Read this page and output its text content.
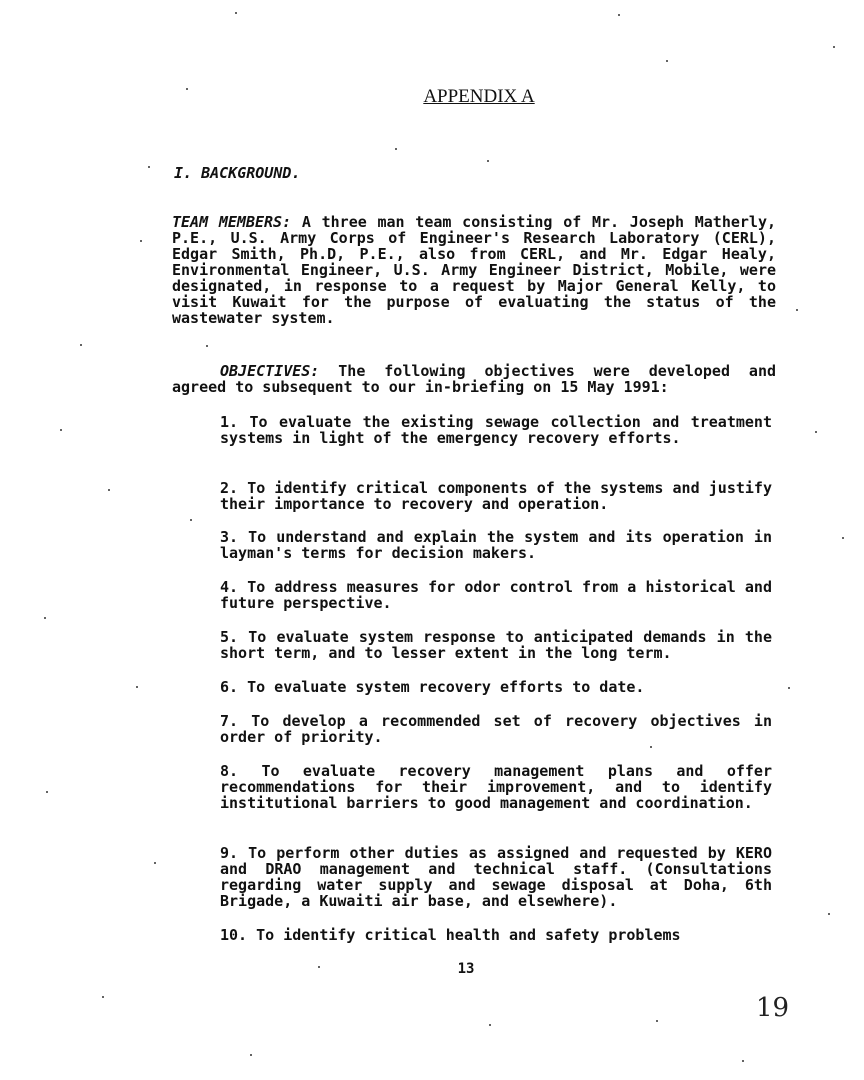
APPENDIX A
I. BACKGROUND.
TEAM MEMBERS: A three man team consisting of Mr. Joseph Matherly, P.E., U.S. Army Corps of Engineer's Research Laboratory (CERL), Edgar Smith, Ph.D, P.E., also from CERL, and Mr. Edgar Healy, Environmental Engineer, U.S. Army Engineer District, Mobile, were designated, in response to a request by Major General Kelly, to visit Kuwait for the purpose of evaluating the status of the wastewater system.
OBJECTIVES: The following objectives were developed and agreed to subsequent to our in-briefing on 15 May 1991:
1. To evaluate the existing sewage collection and treatment systems in light of the emergency recovery efforts.
2. To identify critical components of the systems and justify their importance to recovery and operation.
3. To understand and explain the system and its operation in layman's terms for decision makers.
4. To address measures for odor control from a historical and future perspective.
5. To evaluate system response to anticipated demands in the short term, and to lesser extent in the long term.
6. To evaluate system recovery efforts to date.
7. To develop a recommended set of recovery objectives in order of priority.
8. To evaluate recovery management plans and offer recommendations for their improvement, and to identify institutional barriers to good management and coordination.
9. To perform other duties as assigned and requested by KERO and DRAO management and technical staff. (Consultations regarding water supply and sewage disposal at Doha, 6th Brigade, a Kuwaiti air base, and elsewhere).
10. To identify critical health and safety problems
13
19
